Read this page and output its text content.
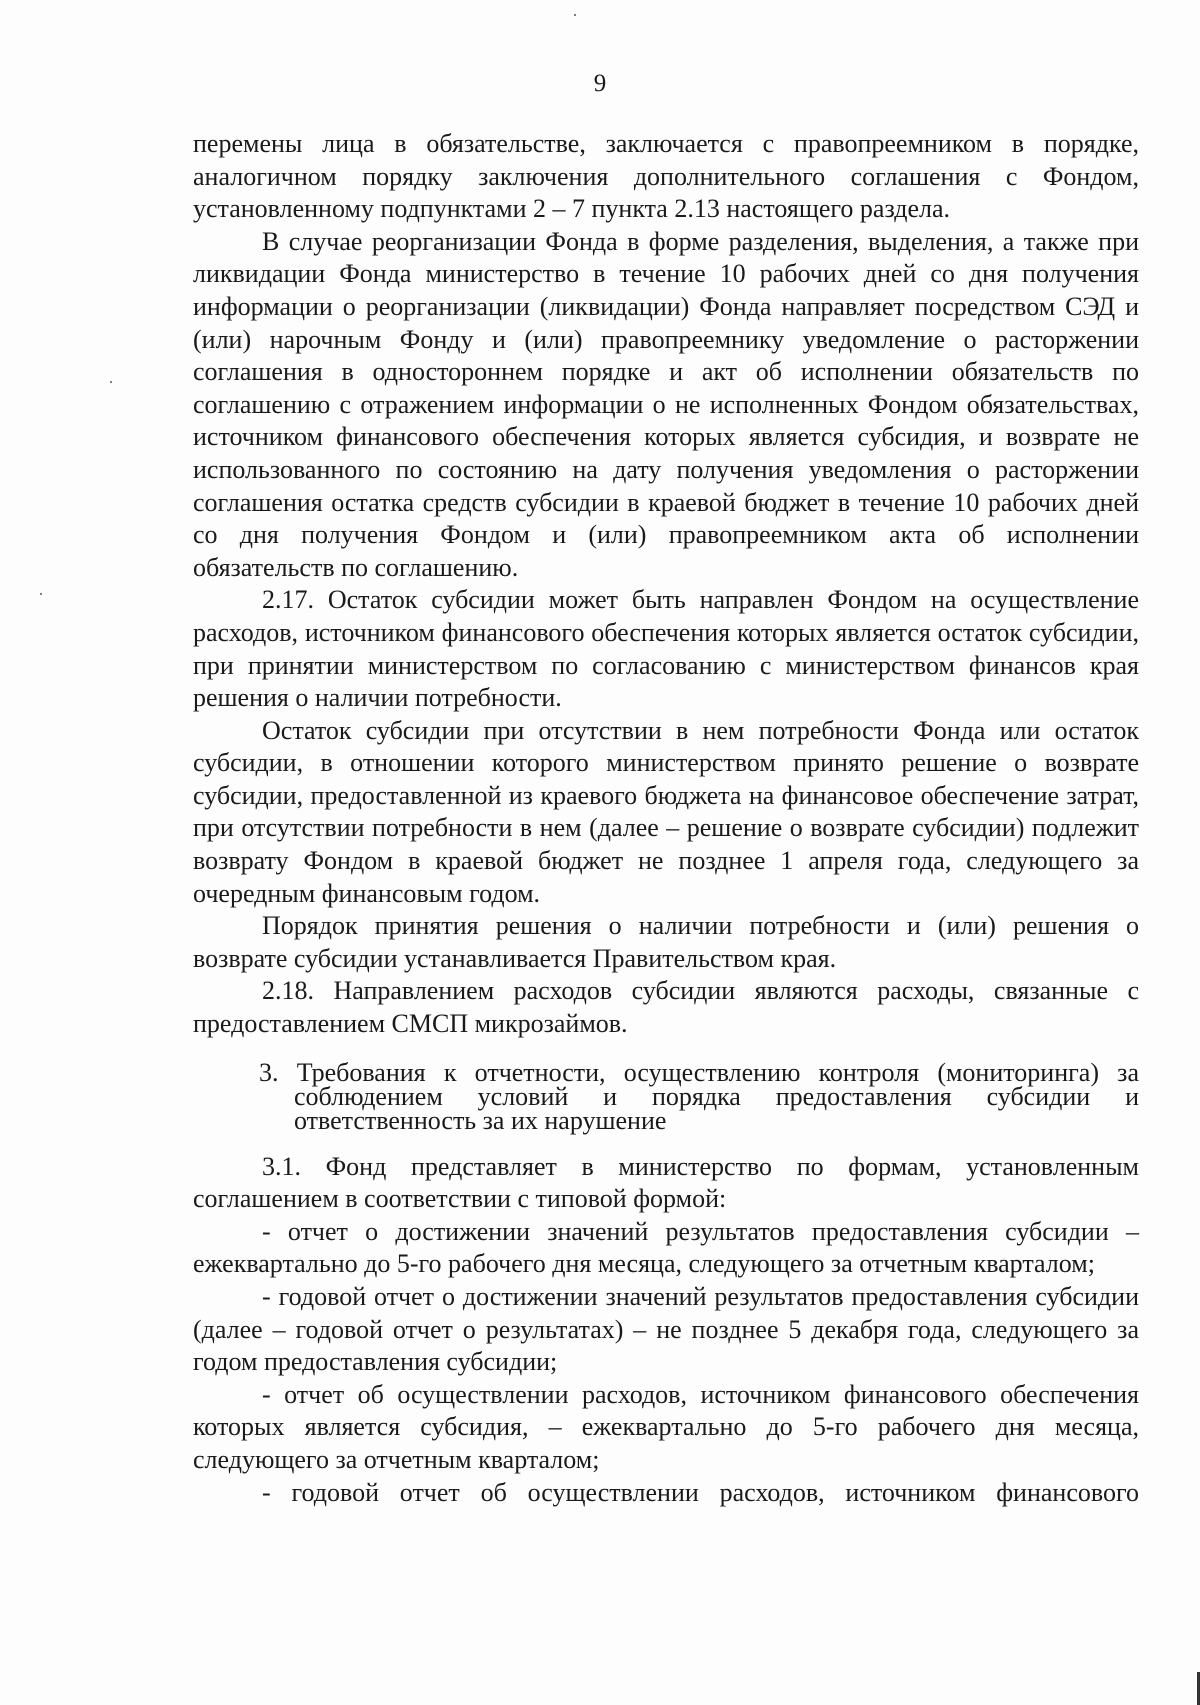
9

перемены лица в обязательстве, заключается с правопреемником в порядке, аналогичном порядку заключения дополнительного соглашения с Фондом, установленному подпунктами 2 – 7 пункта 2.13 настоящего раздела.

В случае реорганизации Фонда в форме разделения, выделения, а также при ликвидации Фонда министерство в течение 10 рабочих дней со дня получения информации о реорганизации (ликвидации) Фонда направляет посредством СЭД и (или) нарочным Фонду и (или) правопреемнику уведомление о расторжении соглашения в одностороннем порядке и акт об исполнении обязательств по соглашению с отражением информации о не исполненных Фондом обязательствах, источником финансового обеспечения которых является субсидия, и возврате не использованного по состоянию на дату получения уведомления о расторжении соглашения остатка средств субсидии в краевой бюджет в течение 10 рабочих дней со дня получения Фондом и (или) правопреемником акта об исполнении обязательств по соглашению.

2.17. Остаток субсидии может быть направлен Фондом на осуществление расходов, источником финансового обеспечения которых является остаток субсидии, при принятии министерством по согласованию с министерством финансов края решения о наличии потребности.

Остаток субсидии при отсутствии в нем потребности Фонда или остаток субсидии, в отношении которого министерством принято решение о возврате субсидии, предоставленной из краевого бюджета на финансовое обеспечение затрат, при отсутствии потребности в нем (далее – решение о возврате субсидии) подлежит возврату Фондом в краевой бюджет не позднее 1 апреля года, следующего за очередным финансовым годом.

Порядок принятия решения о наличии потребности и (или) решения о возврате субсидии устанавливается Правительством края.

2.18. Направлением расходов субсидии являются расходы, связанные с предоставлением СМСП микрозаймов.

3. Требования к отчетности, осуществлению контроля (мониторинга) за соблюдением условий и порядка предоставления субсидии и ответственность за их нарушение

3.1. Фонд представляет в министерство по формам, установленным соглашением в соответствии с типовой формой:

- отчет о достижении значений результатов предоставления субсидии – ежеквартально до 5-го рабочего дня месяца, следующего за отчетным кварталом;

- годовой отчет о достижении значений результатов предоставления субсидии (далее – годовой отчет о результатах) – не позднее 5 декабря года, следующего за годом предоставления субсидии;

- отчет об осуществлении расходов, источником финансового обеспечения которых является субсидия, – ежеквартально до 5-го рабочего дня месяца, следующего за отчетным кварталом;

- годовой отчет об осуществлении расходов, источником финансового
